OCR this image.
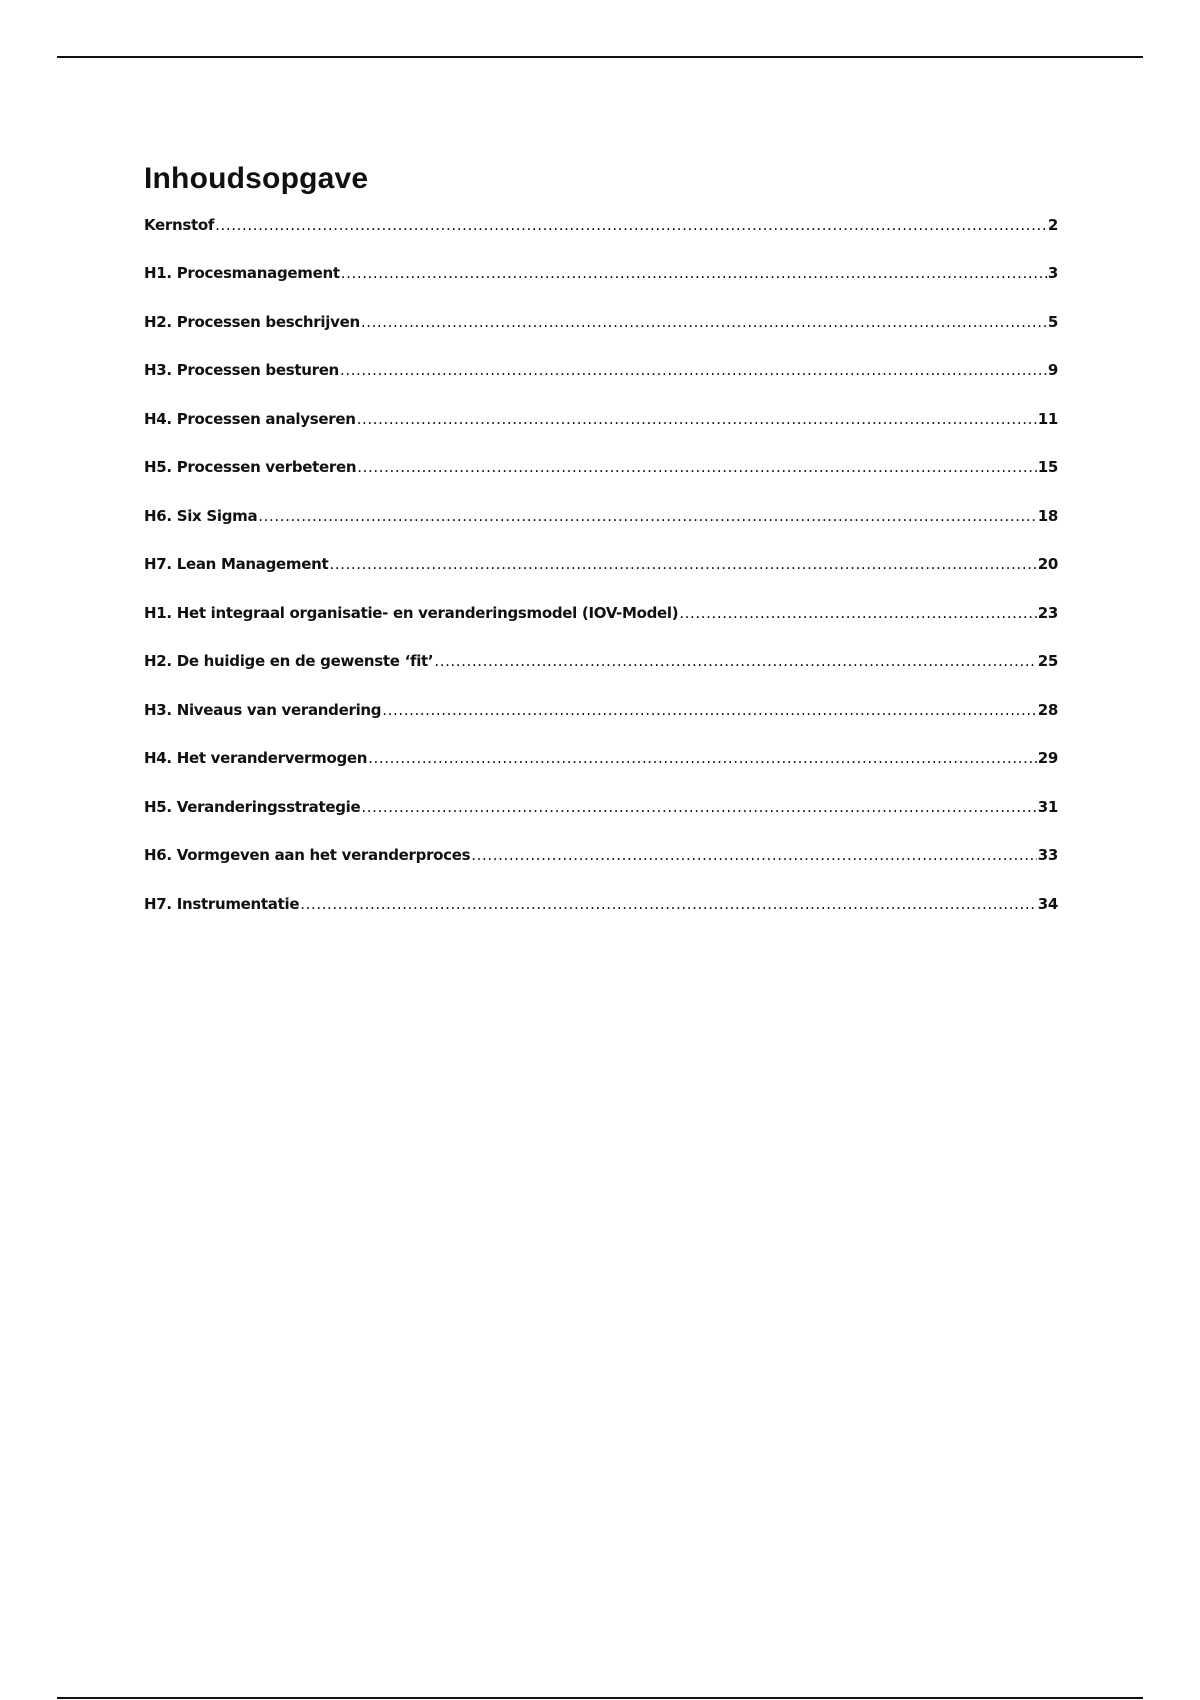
Inhoudsopgave
Kernstof .....	2
H1. Procesmanagement .....	3
H2. Processen beschrijven .....	5
H3. Processen besturen .....	9
H4. Processen analyseren .....	11
H5. Processen verbeteren .....	15
H6. Six Sigma .....	18
H7. Lean Management .....	20
H1. Het integraal organisatie- en veranderingsmodel (IOV-Model) .....	23
H2. De huidige en de gewenste ‘fit’ .....	25
H3. Niveaus van verandering .....	28
H4. Het verandervermogen .....	29
H5. Veranderingsstrategie .....	31
H6. Vormgeven aan het veranderproces .....	33
H7. Instrumentatie .....	34
